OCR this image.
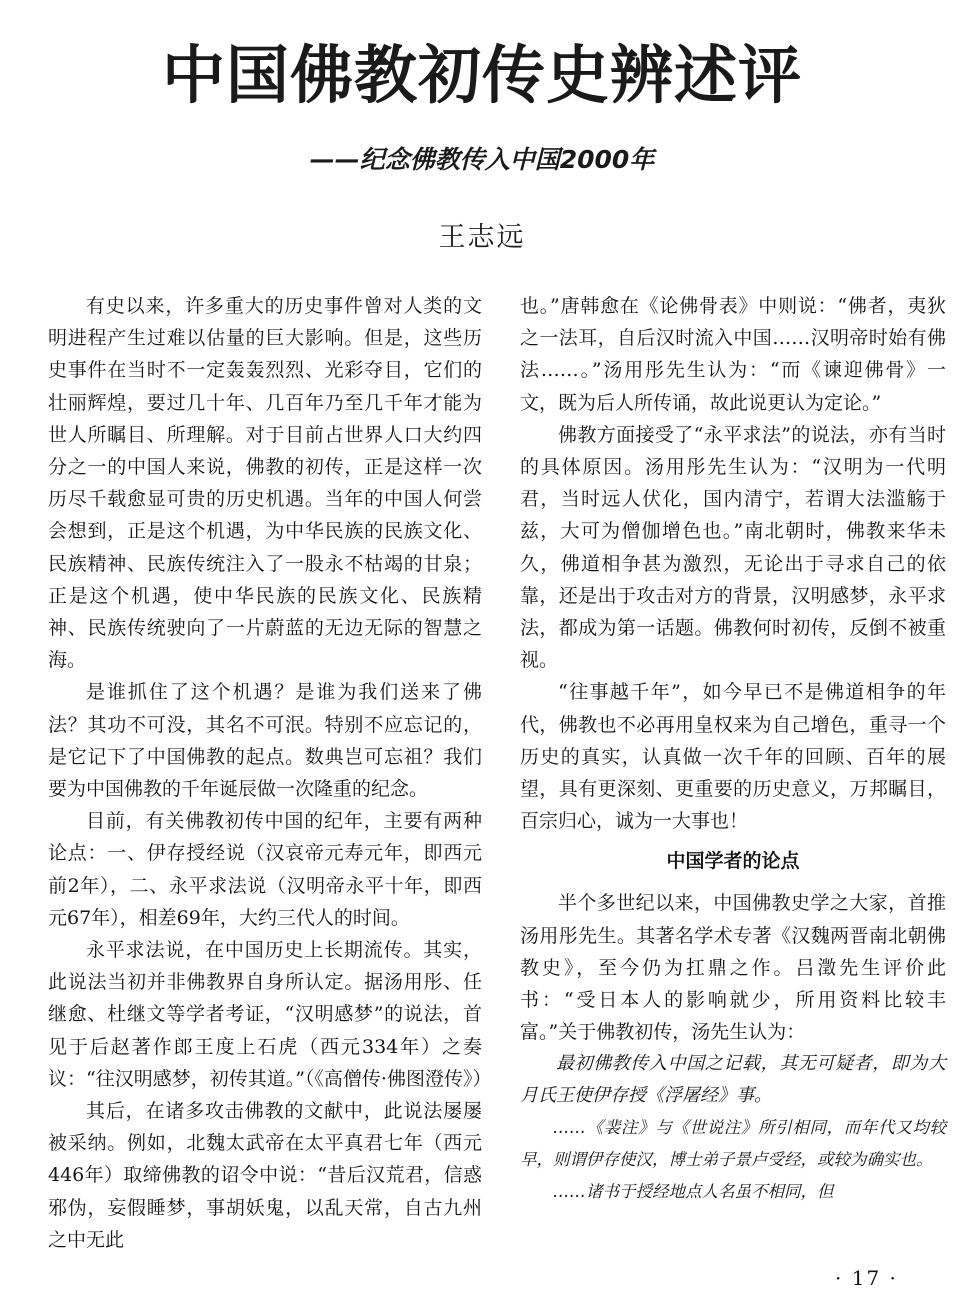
中国佛教初传史辨述评
——纪念佛教传入中国2000年
王志远

有史以来，许多重大的历史事件曾对人类的文明进程产生过难以估量的巨大影响。但是，这些历史事件在当时不一定轰轰烈烈、光彩夺目，它们的壮丽辉煌，要过几十年、几百年乃至几千年才能为世人所瞩目、所理解。对于目前占世界人口大约四分之一的中国人来说，佛教的初传，正是这样一次历尽千载愈显可贵的历史机遇。当年的中国人何尝会想到，正是这个机遇，为中华民族的民族文化、民族精神、民族传统注入了一股永不枯竭的甘泉；正是这个机遇，使中华民族的民族文化、民族精神、民族传统驶向了一片蔚蓝的无边无际的智慧之海。

是谁抓住了这个机遇？是谁为我们送来了佛法？其功不可没，其名不可泯。特别不应忘记的，是它记下了中国佛教的起点。数典岂可忘祖？我们要为中国佛教的千年诞辰做一次隆重的纪念。

目前，有关佛教初传中国的纪年，主要有两种论点：一、伊存授经说（汉哀帝元寿元年，即西元前2年），二、永平求法说（汉明帝永平十年，即西元67年），相差69年，大约三代人的时间。

永平求法说，在中国历史上长期流传。其实，此说法当初并非佛教界自身所认定。据汤用彤、任继愈、杜继文等学者考证，“汉明感梦”的说法，首见于后赵著作郎王度上石虎（西元334年）之奏议：“往汉明感梦，初传其道。”（《高僧传·佛图澄传》）

其后，在诸多攻击佛教的文献中，此说法屡屡被采纳。例如，北魏太武帝在太平真君七年（西元446年）取缔佛教的诏令中说：“昔后汉荒君，信惑邪伪，妄假睡梦，事胡妖鬼，以乱天常，自古九州之中无此

也。”唐韩愈在《论佛骨表》中则说：“佛者，夷狄之一法耳，自后汉时流入中国……汉明帝时始有佛法……。”汤用彤先生认为：“而《谏迎佛骨》一文，既为后人所传诵，故此说更认为定论。”

佛教方面接受了“永平求法”的说法，亦有当时的具体原因。汤用彤先生认为：“汉明为一代明君，当时远人伏化，国内清宁，若谓大法滥觞于兹，大可为僧伽增色也。”南北朝时，佛教来华未久，佛道相争甚为激烈，无论出于寻求自己的依靠，还是出于攻击对方的背景，汉明感梦，永平求法，都成为第一话题。佛教何时初传，反倒不被重视。

“往事越千年”，如今早已不是佛道相争的年代，佛教也不必再用皇权来为自己增色，重寻一个历史的真实，认真做一次千年的回顾、百年的展望，具有更深刻、更重要的历史意义，万邦瞩目，百宗归心，诚为一大事也！

中国学者的论点

半个多世纪以来，中国佛教史学之大家，首推汤用彤先生。其著名学术专著《汉魏两晋南北朝佛教史》，至今仍为扛鼎之作。吕澂先生评价此书：“受日本人的影响就少，所用资料比较丰富。”关于佛教初传，汤先生认为：

最初佛教传入中国之记载，其无可疑者，即为大月氏王使伊存授《浮屠经》事。

……《裴注》与《世说注》所引相同，而年代又均较早，则谓伊存使汉，博士弟子景卢受经，或较为确实也。

……诸书于授经地点人名虽不相同，但

· 17 ·
